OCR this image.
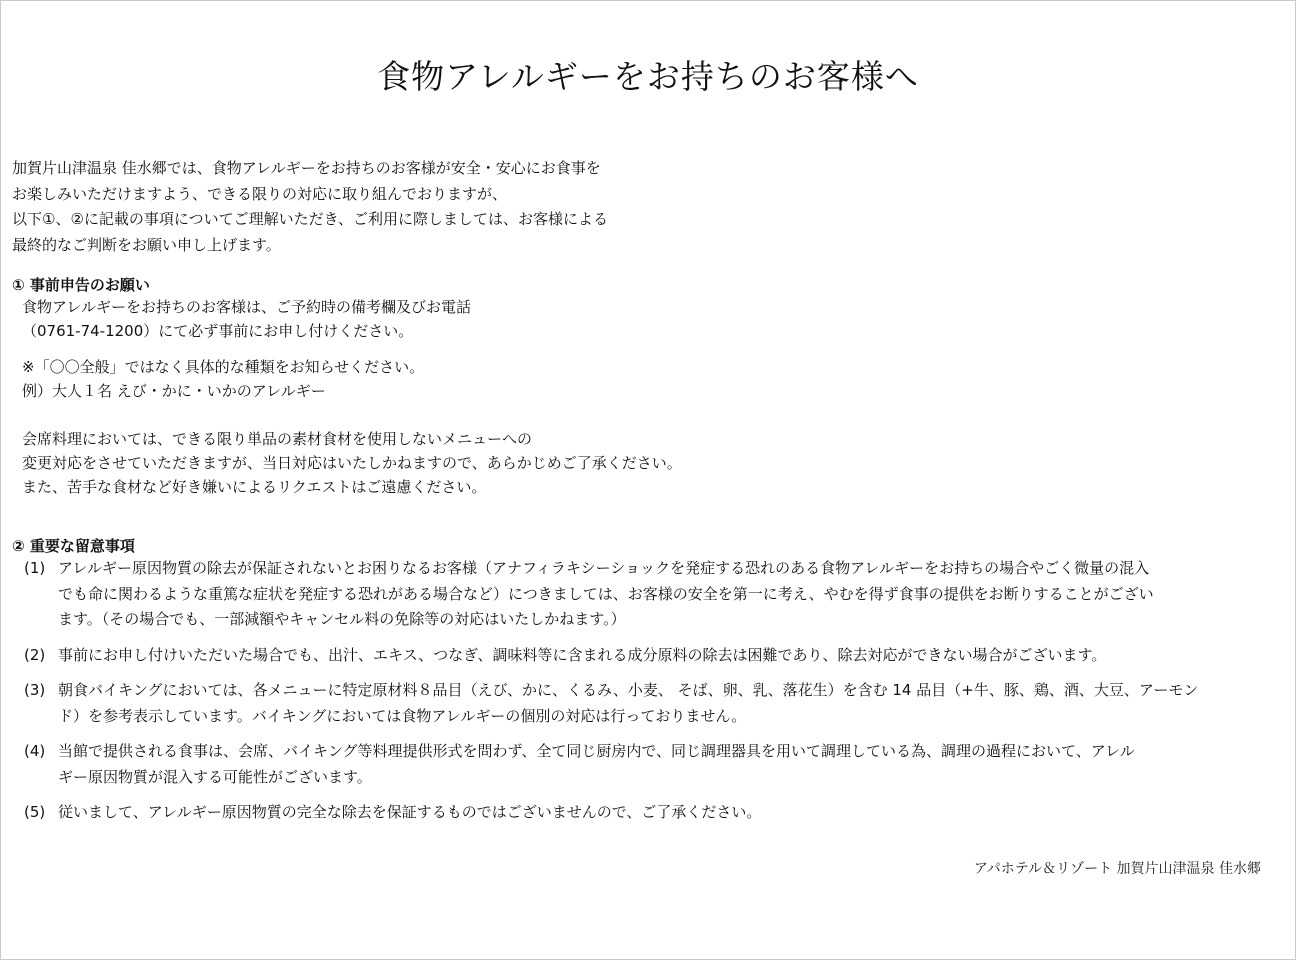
食物アレルギーをお持ちのお客様へ
加賀片山津温泉 佳水郷では、食物アレルギーをお持ちのお客様が安全・安心にお食事を
お楽しみいただけますよう、できる限りの対応に取り組んでおりますが、
以下①、②に記載の事項についてご理解いただき、ご利用に際しましては、お客様による
最終的なご判断をお願い申し上げます。
① 事前申告のお願い
食物アレルギーをお持ちのお客様は、ご予約時の備考欄及びお電話
（0761-74-1200）にて必ず事前にお申し付けください。
※「〇〇全般」ではなく具体的な種類をお知らせください。
例）大人１名 えび・かに・いかのアレルギー
会席料理においては、できる限り単品の素材食材を使用しないメニューへの
変更対応をさせていただきますが、当日対応はいたしかねますので、あらかじめご了承ください。
また、苦手な食材など好き嫌いによるリクエストはご遠慮ください。
② 重要な留意事項
(1) アレルギー原因物質の除去が保証されないとお困りなるお客様（アナフィラキシーショックを発症する恐れのある食物アレルギーをお持ちの場合やごく微量の混入
でも命に関わるような重篤な症状を発症する恐れがある場合など）につきましては、お客様の安全を第一に考え、やむを得ず食事の提供をお断りすることがござい
ます。（その場合でも、一部減額やキャンセル料の免除等の対応はいたしかねます。）
(2) 事前にお申し付けいただいた場合でも、出汁、エキス、つなぎ、調味料等に含まれる成分原料の除去は困難であり、除去対応ができない場合がございます。
(3) 朝食バイキングにおいては、各メニューに特定原材料８品目（えび、かに、くるみ、小麦、 そば、卵、乳、落花生）を含む 14 品目（+牛、豚、鶏、酒、大豆、アーモン
ド）を参考表示しています。バイキングにおいては食物アレルギーの個別の対応は行っておりません。
(4) 当館で提供される食事は、会席、バイキング等料理提供形式を問わず、全て同じ厨房内で、同じ調理器具を用いて調理している為、調理の過程において、アレル
ギー原因物質が混入する可能性がございます。
(5) 従いまして、アレルギー原因物質の完全な除去を保証するものではございませんので、ご了承ください。
アパホテル＆リゾート 加賀片山津温泉 佳水郷
